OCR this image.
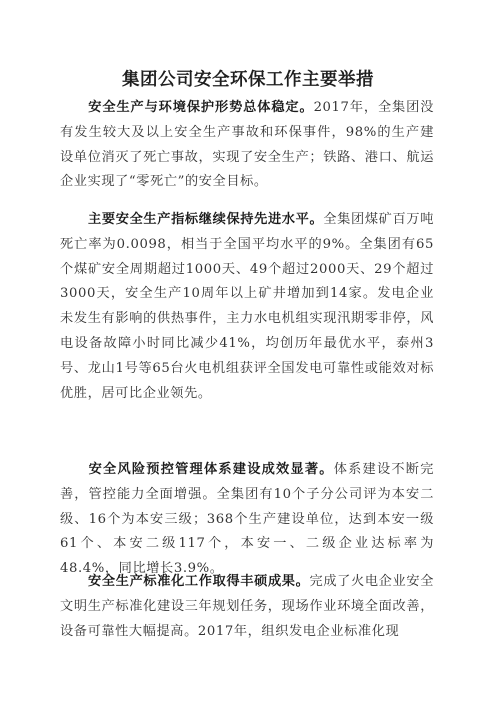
集团公司安全环保工作主要举措
安全生产与环境保护形势总体稳定。2017年，全集团没有发生较大及以上安全生产事故和环保事件，98%的生产建设单位消灭了死亡事故，实现了安全生产；铁路、港口、航运企业实现了“零死亡”的安全目标。
主要安全生产指标继续保持先进水平。全集团煤矿百万吨死亡率为0.0098，相当于全国平均水平的9%。全集团有65个煤矿安全周期超过1000天、49个超过2000天、29个超过3000天，安全生产10周年以上矿井增加到14家。发电企业未发生有影响的供热事件，主力水电机组实现汛期零非停，风电设备故障小时同比减少41%，均创历年最优水平，泰州3号、龙山1号等65台火电机组获评全国发电可靠性或能效对标优胜，居可比企业领先。
安全风险预控管理体系建设成效显著。体系建设不断完善，管控能力全面增强。全集团有10个子分公司评为本安二级、16个为本安三级；368个生产建设单位，达到本安一级61个、本安二级117个，本安一、二级企业达标率为48.4%，同比增长3.9%。
安全生产标准化工作取得丰硕成果。完成了火电企业安全文明生产标准化建设三年规划任务，现场作业环境全面改善，设备可靠性大幅提高。2017年，组织发电企业标准化现
